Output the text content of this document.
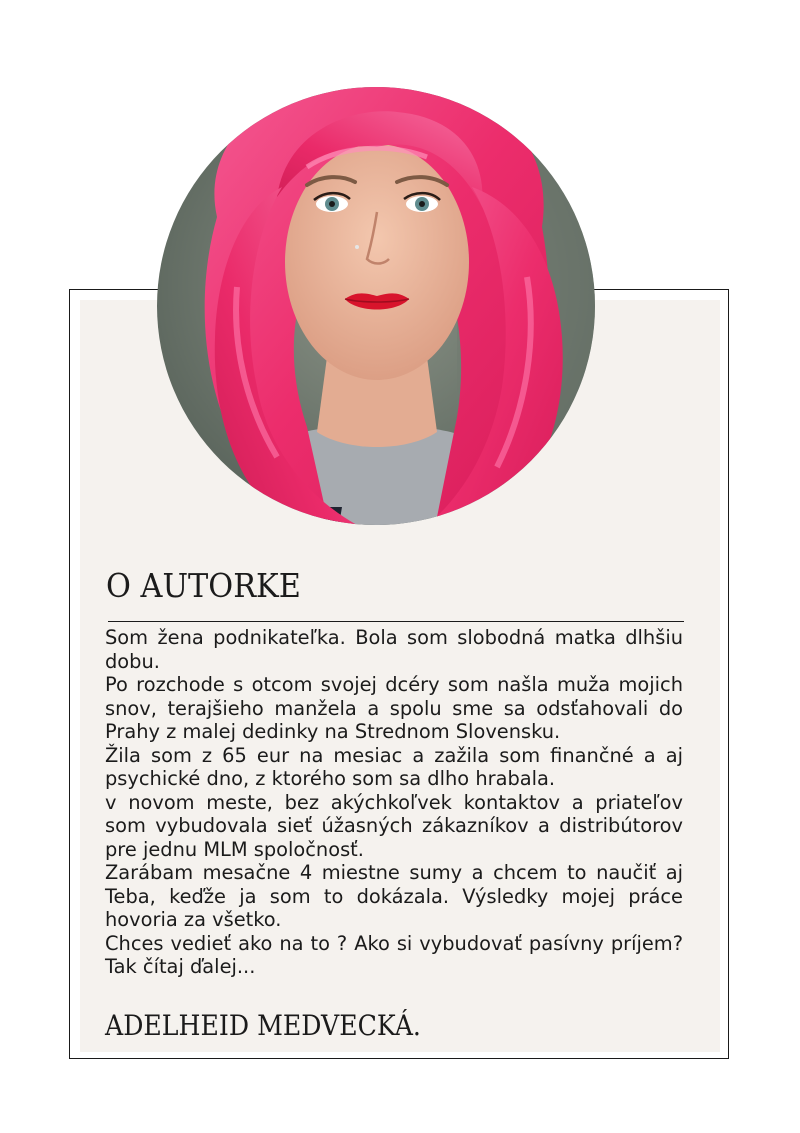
O AUTORKE

Som žena podnikateľka. Bola som slobodná matka dlhšiu dobu.

Po rozchode s otcom svojej dcéry som našla muža mojich snov, terajšieho manžela a spolu sme sa odsťahovali do Prahy z malej dedinky na Strednom Slovensku.

Žila som z 65 eur na mesiac a zažila som finančné a aj psychické dno, z ktorého som sa dlho hrabala.

v novom meste, bez akýchkoľvek kontaktov a priateľov som vybudovala sieť úžasných zákazníkov a distribútorov pre jednu MLM spoločnosť.

Zarábam mesačne 4 miestne sumy a chcem to naučiť aj Teba, keďže ja som to dokázala. Výsledky mojej práce hovoria za všetko.

Chces vedieť ako na to ? Ako si vybudovať pasívny príjem? Tak čítaj ďalej...

ADELHEID MEDVECKÁ.
